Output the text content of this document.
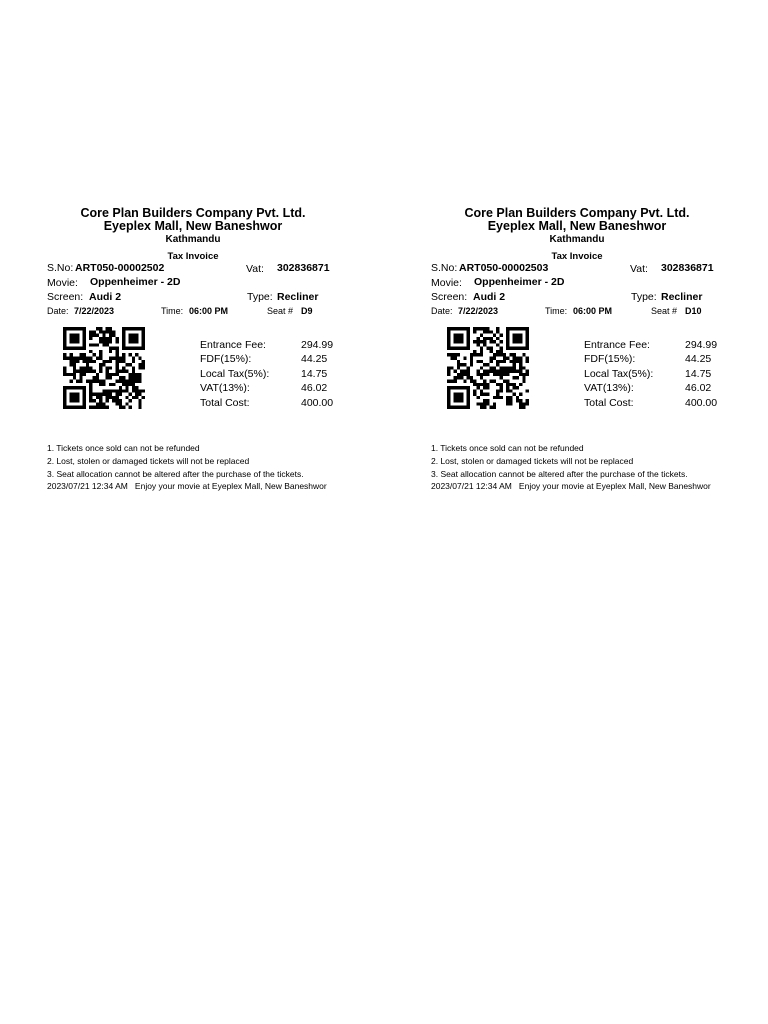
Core Plan Builders Company Pvt. Ltd.
Eyeplex Mall, New Baneshwor
Kathmandu
Tax Invoice
S.No: ART050-00002502	Vat: 302836871
Movie: Oppenheimer - 2D
Screen: Audi 2	Type: Recliner
Date: 7/22/2023	Time: 06:00 PM	Seat # D9
Entrance Fee:	294.99
FDF(15%):	44.25
Local Tax(5%):	14.75
VAT(13%):	46.02
Total Cost:	400.00
1. Tickets once sold can not be refunded
2. Lost, stolen or damaged tickets will not be replaced
3. Seat allocation cannot be altered after the purchase of the tickets.
2023/07/21 12:34 AM Enjoy your movie at Eyeplex Mall, New Baneshwor
Core Plan Builders Company Pvt. Ltd.
Eyeplex Mall, New Baneshwor
Kathmandu
Tax Invoice
S.No: ART050-00002503	Vat: 302836871
Movie: Oppenheimer - 2D
Screen: Audi 2	Type: Recliner
Date: 7/22/2023	Time: 06:00 PM	Seat # D10
Entrance Fee:	294.99
FDF(15%):	44.25
Local Tax(5%):	14.75
VAT(13%):	46.02
Total Cost:	400.00
1. Tickets once sold can not be refunded
2. Lost, stolen or damaged tickets will not be replaced
3. Seat allocation cannot be altered after the purchase of the tickets.
2023/07/21 12:34 AM Enjoy your movie at Eyeplex Mall, New Baneshwor
